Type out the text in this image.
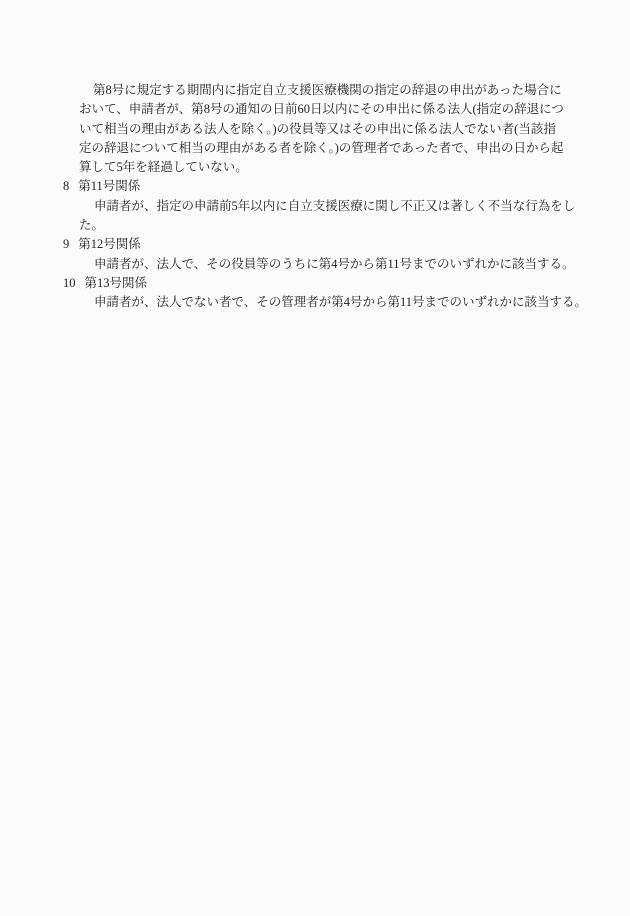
第8号に規定する期間内に指定自立支援医療機関の指定の辞退の申出があった場合に
おいて、申請者が、第8号の通知の日前60日以内にその申出に係る法人(指定の辞退につ
いて相当の理由がある法人を除く。)の役員等又はその申出に係る法人でない者(当該指
定の辞退について相当の理由がある者を除く。)の管理者であった者で、申出の日から起
算して5年を経過していない。
8 第11号関係
申請者が、指定の申請前5年以内に自立支援医療に関し不正又は著しく不当な行為をし
た。
9 第12号関係
申請者が、法人で、その役員等のうちに第4号から第11号までのいずれかに該当する。
10 第13号関係
申請者が、法人でない者で、その管理者が第4号から第11号までのいずれかに該当する。
